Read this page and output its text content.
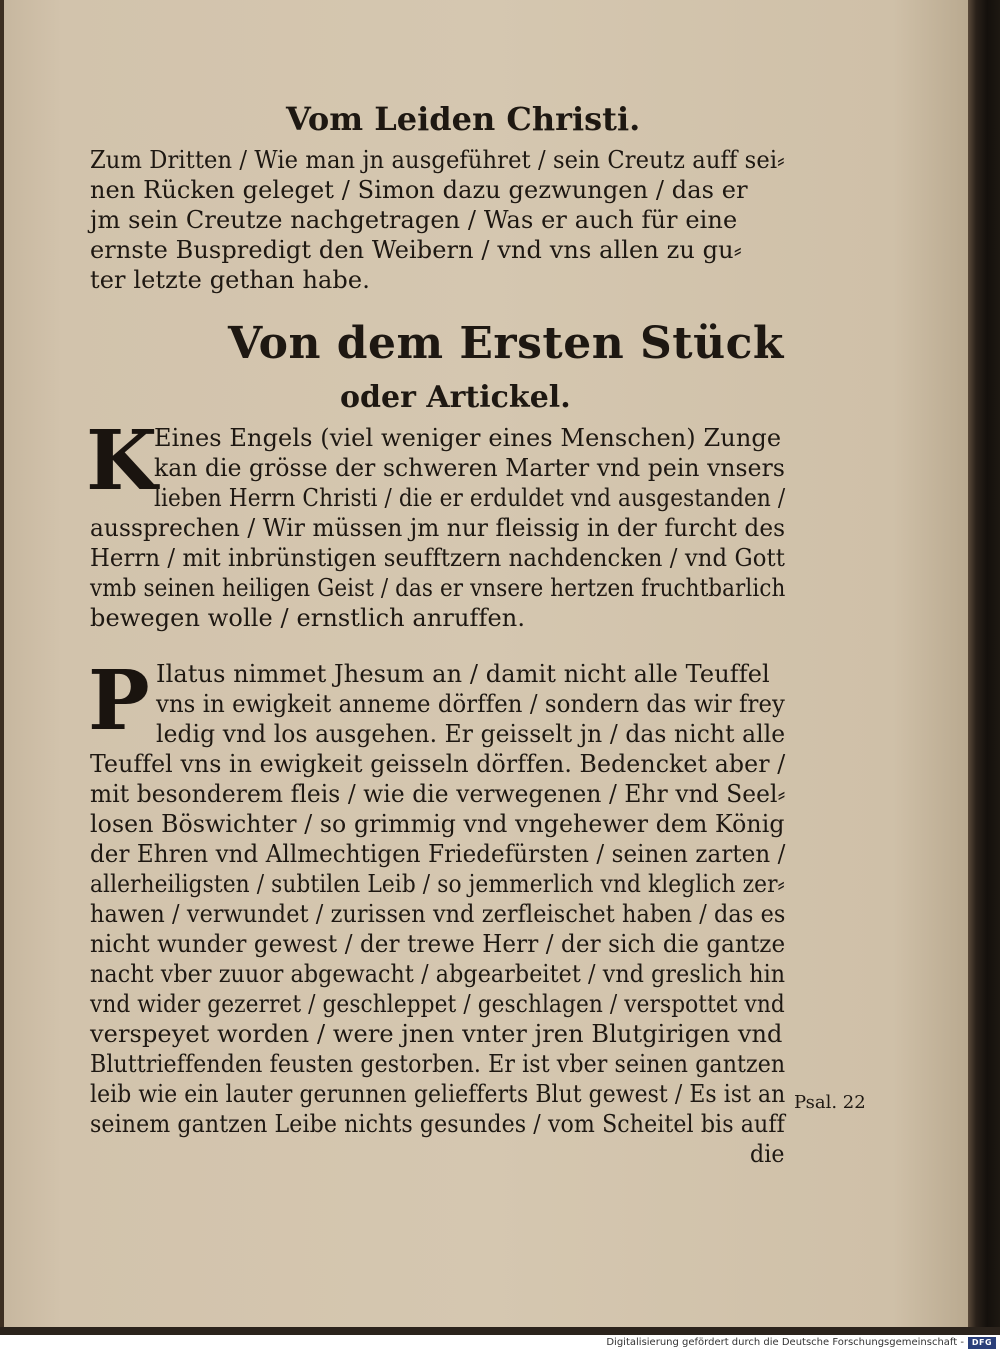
Vom Leiden Christi.
Zum Dritten / Wie man jn ausgeführet / sein Creutz auff sei⸗
nen Rücken geleget / Simon dazu gezwungen / das er
jm sein Creutze nachgetragen / Was er auch für eine
ernste Buspredigt den Weibern / vnd vns allen zu gu⸗
ter letzte gethan habe.
Von dem Ersten Stück
oder Artickel.
K
Eines Engels (viel weniger eines Menschen) Zunge
kan die grösse der schweren Marter vnd pein vnsers
lieben Herrn Christi / die er erduldet vnd ausgestanden /
aussprechen / Wir müssen jm nur fleissig in der furcht des
Herrn / mit inbrünstigen seufftzern nachdencken / vnd Gott
vmb seinen heiligen Geist / das er vnsere hertzen fruchtbarlich
bewegen wolle / ernstlich anruffen.
P Ilatus nimmet Jhesum an / damit nicht alle Teuffel
vns in ewigkeit anneme dörffen / sondern das wir frey
ledig vnd los ausgehen. Er geisselt jn / das nicht alle
Teuffel vns in ewigkeit geisseln dörffen. Bedencket aber /
mit besonderem fleis / wie die verwegenen / Ehr vnd Seel⸗
losen Böswichter / so grimmig vnd vngehewer dem König
der Ehren vnd Allmechtigen Friedefürsten / seinen zarten /
allerheiligsten / subtilen Leib / so jemmerlich vnd kleglich zer⸗
hawen / verwundet / zurissen vnd zerfleischet haben / das es
nicht wunder gewest / der trewe Herr / der sich die gantze
nacht vber zuuor abgewacht / abgearbeitet / vnd greslich hin
vnd wider gezerret / geschleppet / geschlagen / verspottet vnd
verspeyet worden / were jnen vnter jren Blutgirigen vnd
Bluttrieffenden feusten gestorben. Er ist vber seinen gantzen
leib wie ein lauter gerunnen geliefferts Blut gewest / Es ist an
seinem gantzen Leibe nichts gesundes / vom Scheitel bis auff
Psal. 22
die
Digitalisierung gefördert durch die Deutsche Forschungsgemeinschaft - DFG
